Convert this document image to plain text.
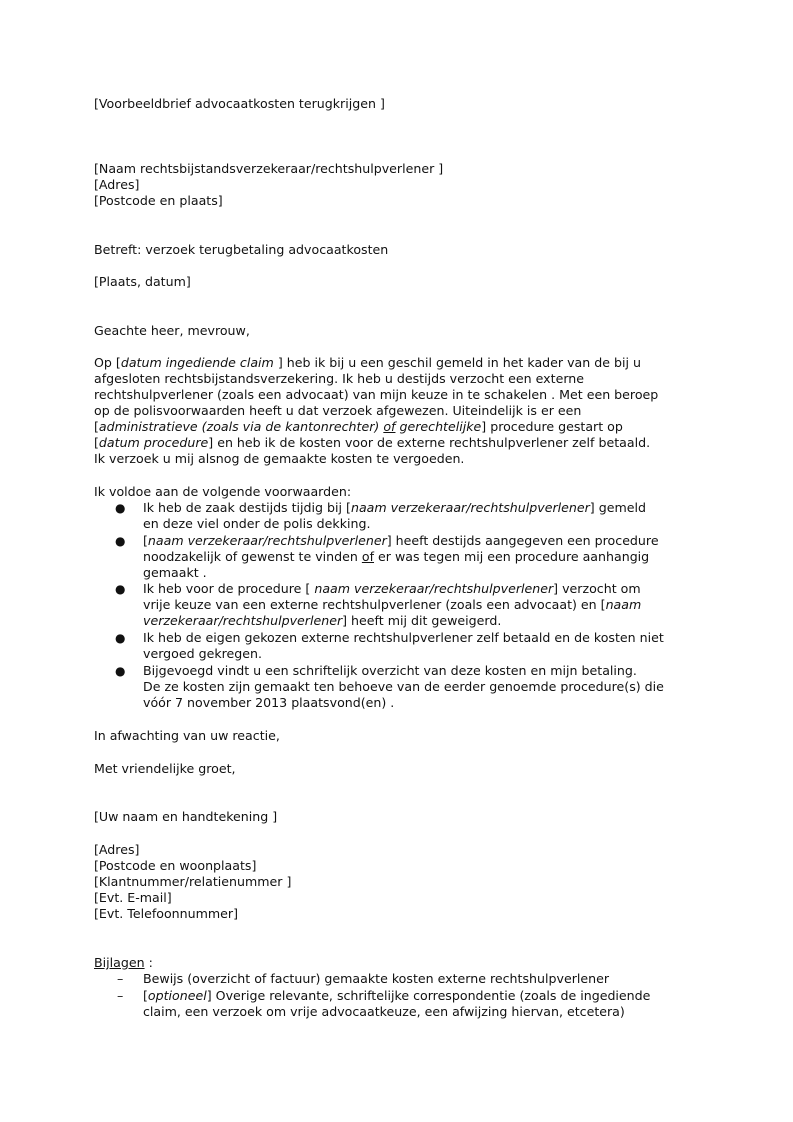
[Voorbeeldbrief advocaatkosten terugkrijgen ]
[Naam rechtsbijstandsverzekeraar/rechtshulpverlener ]
[Adres]
[Postcode en plaats]
Betreft: verzoek terugbetaling advocaatkosten
[Plaats, datum]
Geachte heer, mevrouw,
Op [datum ingediende claim ] heb ik bij u een geschil gemeld in het kader van de bij u
afgesloten rechtsbijstandsverzekering. Ik heb u destijds verzocht een externe
rechtshulpverlener (zoals een advocaat) van mijn keuze in te schakelen . Met een beroep
op de polisvoorwaarden heeft u dat verzoek afgewezen. Uiteindelijk is er een
[administratieve (zoals via de kantonrechter) of gerechtelijke] procedure gestart op
[datum procedure] en heb ik de kosten voor de externe rechtshulpverlener zelf betaald.
Ik verzoek u mij alsnog de gemaakte kosten te vergoeden.
Ik voldoe aan de volgende voorwaarden:
● Ik heb de zaak destijds tijdig bij [naam verzekeraar/rechtshulpverlener] gemeld
en deze viel onder de polis dekking.
● [naam verzekeraar/rechtshulpverlener] heeft destijds aangegeven een procedure
noodzakelijk of gewenst te vinden of er was tegen mij een procedure aanhangig
gemaakt .
● Ik heb voor de procedure [ naam verzekeraar/rechtshulpverlener] verzocht om
vrije keuze van een externe rechtshulpverlener (zoals een advocaat) en [naam
verzekeraar/rechtshulpverlener] heeft mij dit geweigerd.
● Ik heb de eigen gekozen externe rechtshulpverlener zelf betaald en de kosten niet
vergoed gekregen.
● Bijgevoegd vindt u een schriftelijk overzicht van deze kosten en mijn betaling.
De ze kosten zijn gemaakt ten behoeve van de eerder genoemde procedure(s) die
vóór 7 november 2013 plaatsvond(en) .
In afwachting van uw reactie,
Met vriendelijke groet,
[Uw naam en handtekening ]
[Adres]
[Postcode en woonplaats]
[Klantnummer/relatienummer ]
[Evt. E-mail]
[Evt. Telefoonnummer]
Bijlagen :
– Bewijs (overzicht of factuur) gemaakte kosten externe rechtshulpverlener
– [optioneel] Overige relevante, schriftelijke correspondentie (zoals de ingediende
claim, een verzoek om vrije advocaatkeuze, een afwijzing hiervan, etcetera)
